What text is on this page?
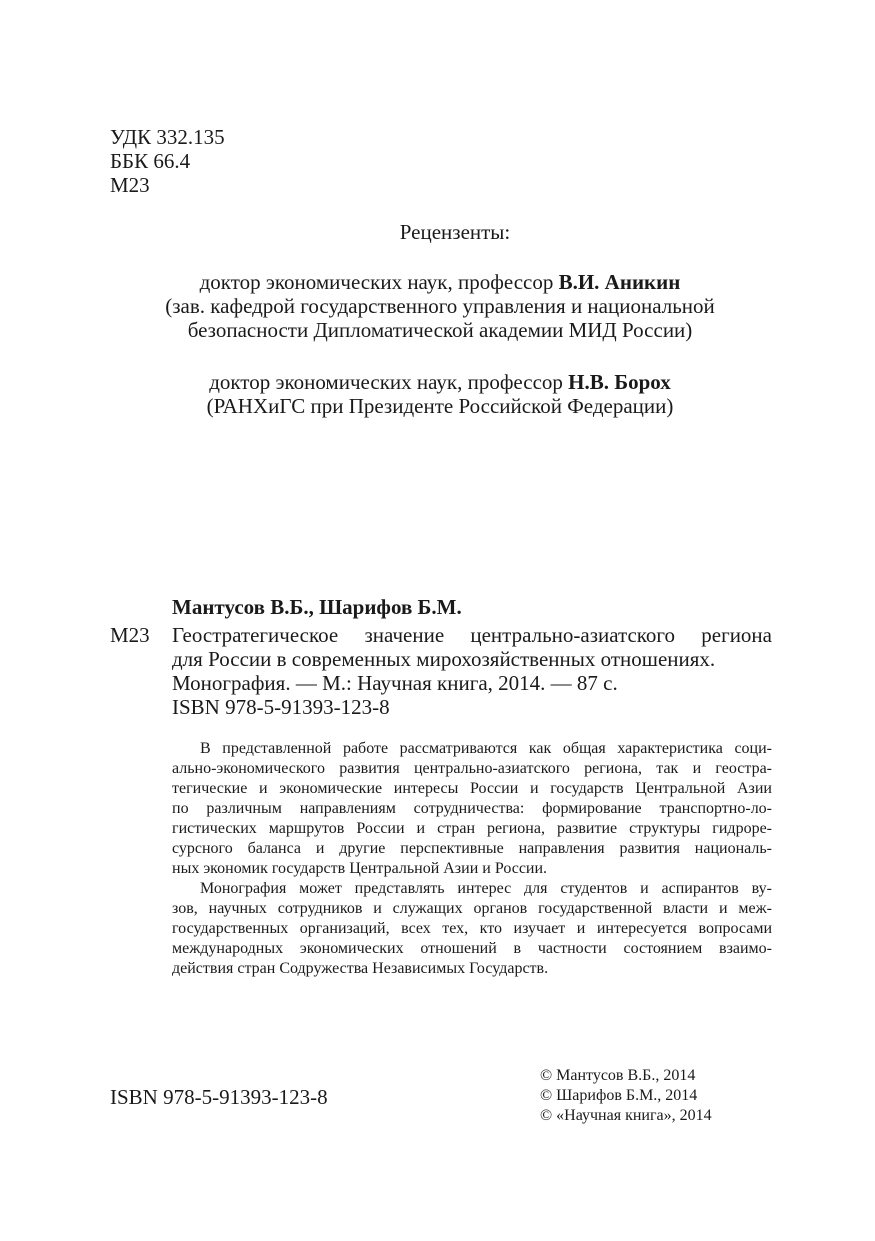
УДК 332.135
ББК 66.4
М23
Рецензенты:
доктор экономических наук, профессор В.И. Аникин
(зав. кафедрой государственного управления и национальной
безопасности Дипломатической академии МИД России)
доктор экономических наук, профессор Н.В. Борох
(РАНХиГС при Президенте Российской Федерации)
Мантусов В.Б., Шарифов Б.М.
М23 Геостратегическое значение центрально-азиатского региона
для России в современных мирохозяйственных отношениях.
Монография. — М.: Научная книга, 2014. — 87 с.
ISBN 978-5-91393-123-8
В представленной работе рассматриваются как общая характеристика соци-
ально-экономического развития центрально-азиатского региона, так и геостра-
тегические и экономические интересы России и государств Центральной Азии
по различным направлениям сотрудничества: формирование транспортно-ло-
гистических маршрутов России и стран региона, развитие структуры гидроре-
сурсного баланса и другие перспективные направления развития националь-
ных экономик государств Центральной Азии и России.
Монография может представлять интерес для студентов и аспирантов ву-
зов, научных сотрудников и служащих органов государственной власти и меж-
государственных организаций, всех тех, кто изучает и интересуется вопросами
международных экономических отношений в частности состоянием взаимо-
действия стран Содружества Независимых Государств.
ISBN 978-5-91393-123-8
© Мантусов В.Б., 2014
© Шарифов Б.М., 2014
© «Научная книга», 2014
